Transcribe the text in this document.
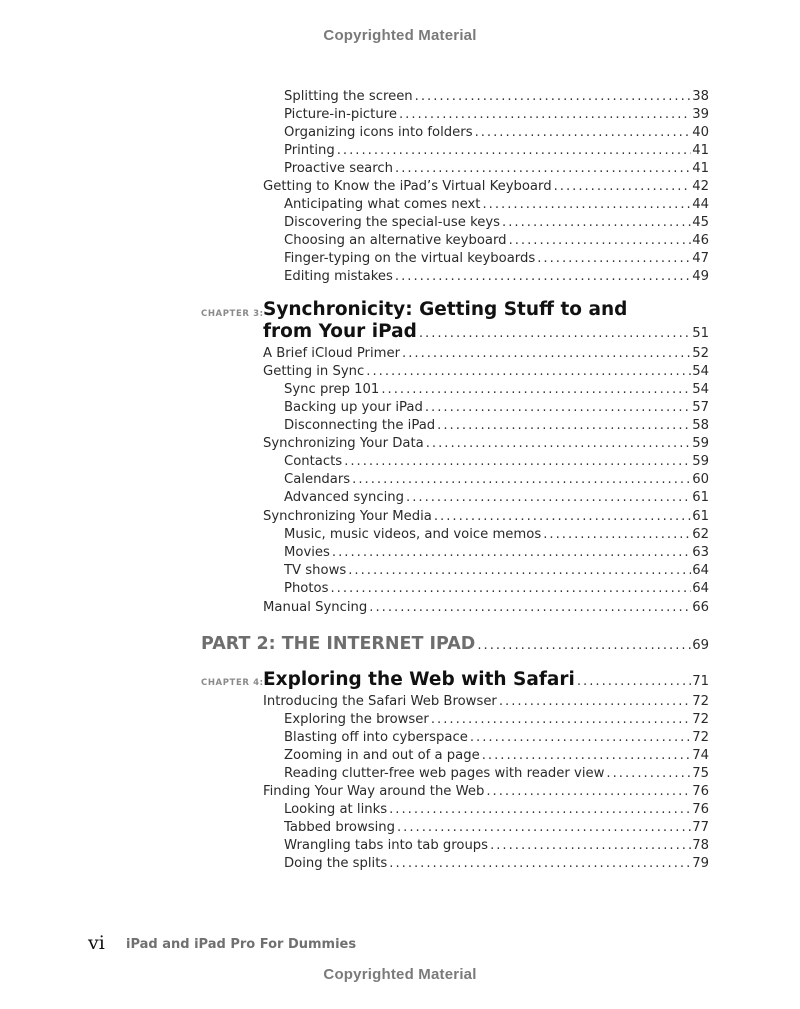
Copyrighted Material
Splitting the screen . . .	38
Picture-in-picture . . .	39
Organizing icons into folders . . .	40
Printing . . .	41
Proactive search . . .	41
Getting to Know the iPad’s Virtual Keyboard . . .	42
Anticipating what comes next . . .	44
Discovering the special-use keys . . .	45
Choosing an alternative keyboard . . .	46
Finger-typing on the virtual keyboards . . .	47
Editing mistakes . . .	49
CHAPTER 3: Synchronicity: Getting Stuff to and
from Your iPad . . .	51
A Brief iCloud Primer . . .	52
Getting in Sync . . .	54
Sync prep 101 . . .	54
Backing up your iPad . . .	57
Disconnecting the iPad . . .	58
Synchronizing Your Data . . .	59
Contacts . . .	59
Calendars . . .	60
Advanced syncing . . .	61
Synchronizing Your Media . . .	61
Music, music videos, and voice memos . . .	62
Movies . . .	63
TV shows . . .	64
Photos . . .	64
Manual Syncing . . .	66
PART 2: THE INTERNET IPAD . . .	69
CHAPTER 4: Exploring the Web with Safari . . .	71
Introducing the Safari Web Browser . . .	72
Exploring the browser . . .	72
Blasting off into cyberspace . . .	72
Zooming in and out of a page . . .	74
Reading clutter-free web pages with reader view . . .	75
Finding Your Way around the Web . . .	76
Looking at links . . .	76
Tabbed browsing . . .	77
Wrangling tabs into tab groups . . .	78
Doing the splits . . .	79
vi iPad and iPad Pro For Dummies
Copyrighted Material
